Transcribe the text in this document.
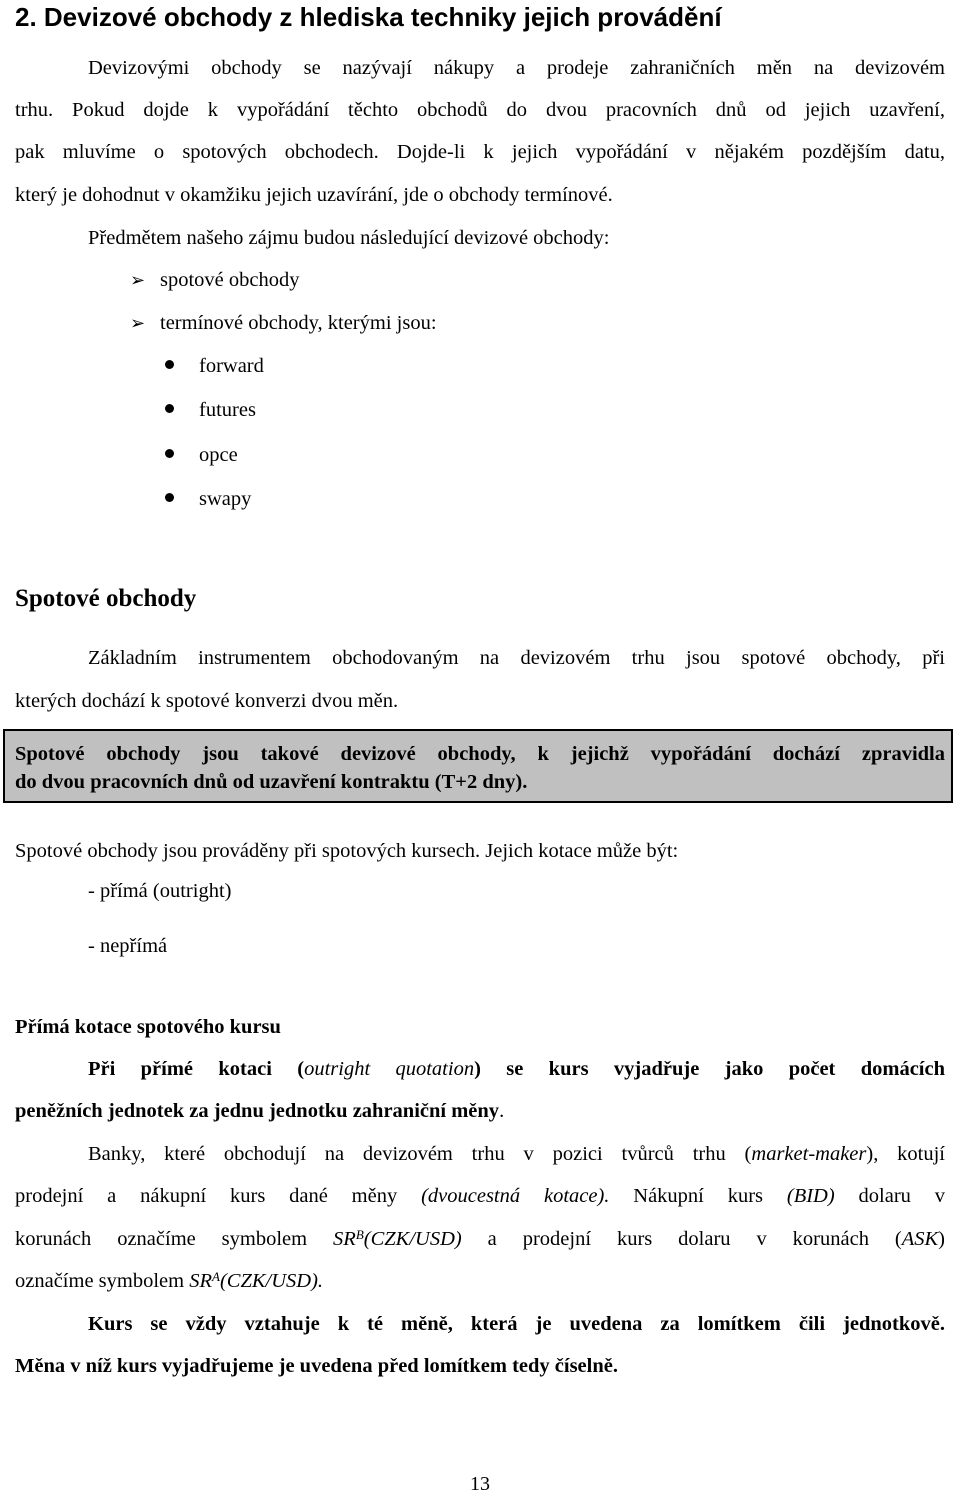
2. Devizové obchody z hlediska techniky jejich provádění

Devizovými obchody se nazývají nákupy a prodeje zahraničních měn na devizovém

trhu. Pokud dojde k vypořádání těchto obchodů do dvou pracovních dnů od jejich uzavření,

pak mluvíme o spotových obchodech. Dojde-li k jejich vypořádání v nějakém pozdějším datu,

který je dohodnut v okamžiku jejich uzavírání, jde o obchody termínové.

Předmětem našeho zájmu budou následující devizové obchody:

➢ spotové obchody
➢ termínové obchody, kterými jsou:
forward
futures
opce
swapy
Spotové obchody

Základním instrumentem obchodovaným na devizovém trhu jsou spotové obchody, při

kterých dochází k spotové konverzi dvou měn.

Spotové obchody jsou takové devizové obchody, k jejichž vypořádání dochází zpravidla

do dvou pracovních dnů od uzavření kontraktu (T+2 dny).

Spotové obchody jsou prováděny při spotových kursech. Jejich kotace může být:

- přímá (outright)

- nepřímá

Přímá kotace spotového kursu

Při přímé kotaci (outright quotation) se kurs vyjadřuje jako počet domácích

peněžních jednotek za jednu jednotku zahraniční měny.

Banky, které obchodují na devizovém trhu v pozici tvůrců trhu (market-maker), kotují

prodejní a nákupní kurs dané měny (dvoucestná kotace). Nákupní kurs (BID) dolaru v

korunách označíme symbolem $SR^B(CZK/USD)$ a prodejní kurs dolaru v korunách (ASK)

označíme symbolem $SR^A(CZK/USD)$.

Kurs se vždy vztahuje k té měně, která je uvedena za lomítkem čili jednotkově.

Měna v níž kurs vyjadřujeme je uvedena před lomítkem tedy číselně.

13
